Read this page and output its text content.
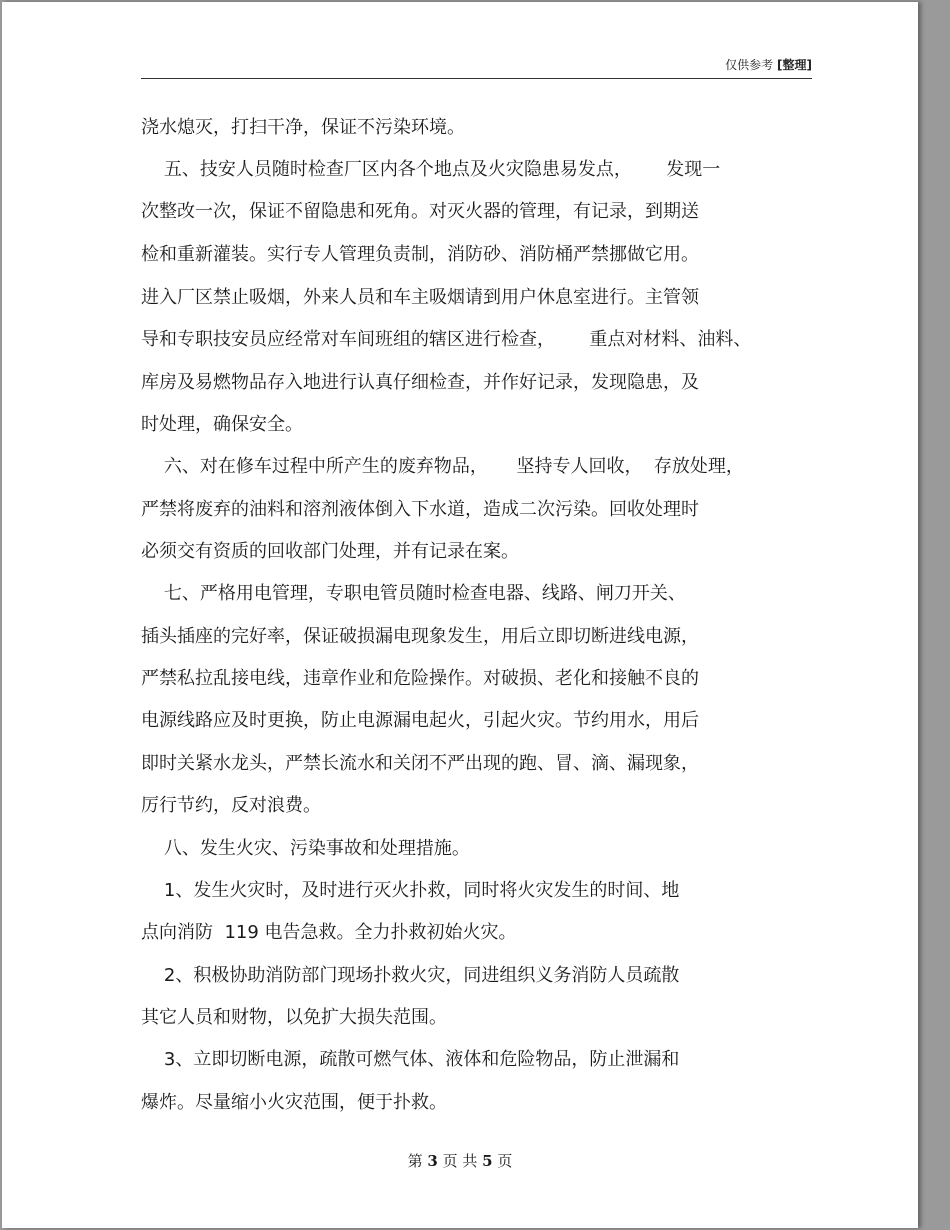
仅供参考 [整理]
浇水熄灭，打扫干净，保证不污染环境。
五、技安人员随时检查厂区内各个地点及火灾隐患易发点，      发现一
次整改一次，保证不留隐患和死角。对灭火器的管理，有记录，到期送
检和重新灌装。实行专人管理负责制，消防砂、消防桶严禁挪做它用。
进入厂区禁止吸烟，外来人员和车主吸烟请到用户休息室进行。主管领
导和专职技安员应经常对车间班组的辖区进行检查，      重点对材料、油料、
库房及易燃物品存入地进行认真仔细检查，并作好记录，发现隐患，及
时处理，确保安全。
六、对在修车过程中所产生的废弃物品，     坚持专人回收，  存放处理，
严禁将废弃的油料和溶剂液体倒入下水道，造成二次污染。回收处理时
必须交有资质的回收部门处理，并有记录在案。
七、严格用电管理，专职电管员随时检查电器、线路、闸刀开关、
插头插座的完好率，保证破损漏电现象发生，用后立即切断进线电源，
严禁私拉乱接电线，违章作业和危险操作。对破损、老化和接触不良的
电源线路应及时更换，防止电源漏电起火，引起火灾。节约用水，用后
即时关紧水龙头，严禁长流水和关闭不严出现的跑、冒、滴、漏现象，
厉行节约，反对浪费。
八、发生火灾、污染事故和处理措施。
1、发生火灾时，及时进行灭火扑救，同时将火灾发生的时间、地
点向消防  119 电告急救。全力扑救初始火灾。
2、积极协助消防部门现场扑救火灾，同进组织义务消防人员疏散
其它人员和财物，以免扩大损失范围。
3、立即切断电源，疏散可燃气体、液体和危险物品，防止泄漏和
爆炸。尽量缩小火灾范围，便于扑救。
第 3 页 共 5 页
